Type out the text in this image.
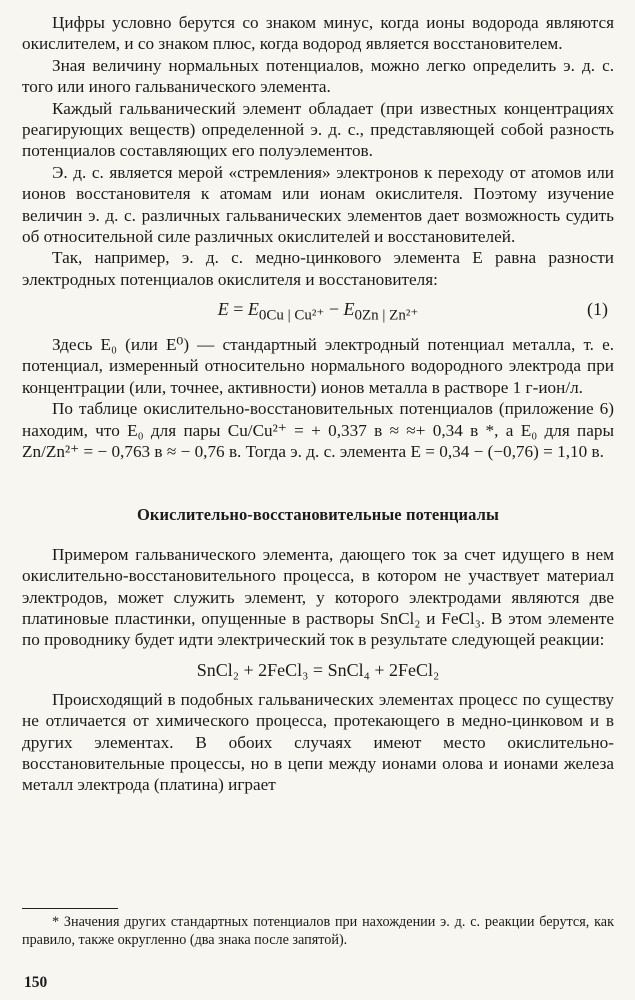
Цифры условно берутся со знаком минус, когда ионы водорода являются окислителем, и со знаком плюс, когда водород является восстановителем.

Зная величину нормальных потенциалов, можно легко определить э. д. с. того или иного гальванического элемента.

Каждый гальванический элемент обладает (при известных концентрациях реагирующих веществ) определенной э. д. с., представляющей собой разность потенциалов составляющих его полуэлементов.

Э. д. с. является мерой «стремления» электронов к переходу от атомов или ионов восстановителя к атомам или ионам окислителя. Поэтому изучение величин э. д. с. различных гальванических элементов дает возможность судить об относительной силе различных окислителей и восстановителей.

Так, например, э. д. с. медно-цинкового элемента E равна разности электродных потенциалов окислителя и восстановителя:

$E = E_{0Cu | Cu^{2+}} - E_{0Zn | Zn^{2+}}$	(1)

Здесь E₀ (или E⁰) — стандартный электродный потенциал металла, т. е. потенциал, измеренный относительно нормального водородного электрода при концентрации (или, точнее, активности) ионов металла в растворе 1 г-ион/л.

По таблице окислительно-восстановительных потенциалов (приложение 6) находим, что E₀ для пары Cu/Cu²⁺ = + 0,337 в ≈ ≈+ 0,34 в *, а E₀ для пары Zn/Zn²⁺ = − 0,763 в ≈ − 0,76 в. Тогда э. д. с. элемента E = 0,34 − (−0,76) = 1,10 в.

Окислительно-восстановительные потенциалы

Примером гальванического элемента, дающего ток за счет идущего в нем окислительно-восстановительного процесса, в котором не участвует материал электродов, может служить элемент, у которого электродами являются две платиновые пластинки, опущенные в растворы SnCl₂ и FeCl₃. В этом элементе по проводнику будет идти электрический ток в результате следующей реакции:

SnCl₂ + 2FeCl₃ = SnCl₄ + 2FeCl₂

Происходящий в подобных гальванических элементах процесс по существу не отличается от химического процесса, протекающего в медно-цинковом и в других элементах. В обоих случаях имеют место окислительно-восстановительные процессы, но в цепи между ионами олова и ионами железа металл электрода (платина) играет

* Значения других стандартных потенциалов при нахождении э. д. с. реакции берутся, как правило, также округленно (два знака после запятой).
150
